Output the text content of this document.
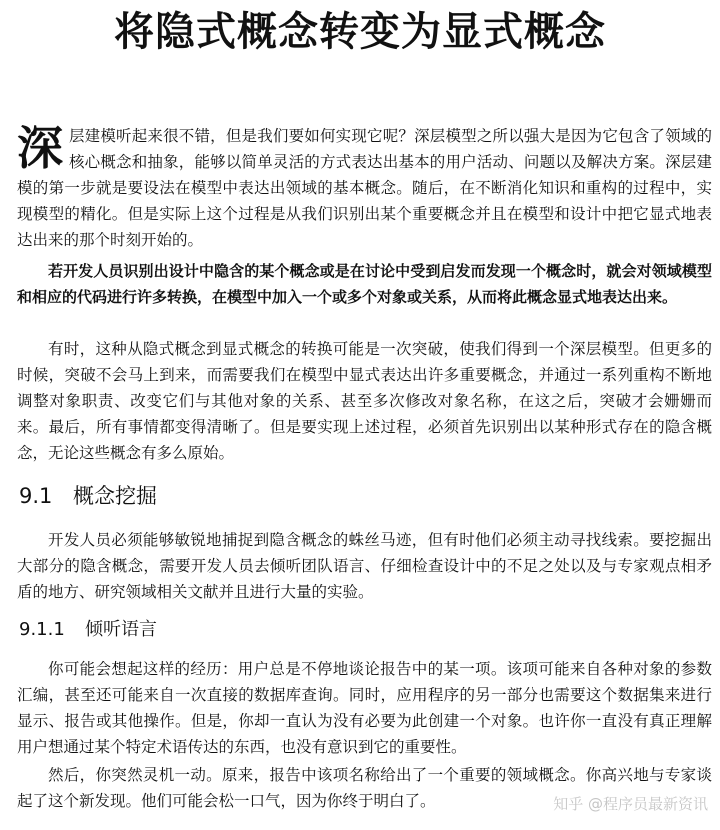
将隐式概念转变为显式概念

深层建模听起来很不错，但是我们要如何实现它呢？深层模型之所以强大是因为它包含了领域的核心概念和抽象，能够以简单灵活的方式表达出基本的用户活动、问题以及解决方案。深层建模的第一步就是要设法在模型中表达出领域的基本概念。随后，在不断消化知识和重构的过程中，实现模型的精化。但是实际上这个过程是从我们识别出某个重要概念并且在模型和设计中把它显式地表达出来的那个时刻开始的。

若开发人员识别出设计中隐含的某个概念或是在讨论中受到启发而发现一个概念时，就会对领域模型和相应的代码进行许多转换，在模型中加入一个或多个对象或关系，从而将此概念显式地表达出来。

有时，这种从隐式概念到显式概念的转换可能是一次突破，使我们得到一个深层模型。但更多的时候，突破不会马上到来，而需要我们在模型中显式表达出许多重要概念，并通过一系列重构不断地调整对象职责、改变它们与其他对象的关系、甚至多次修改对象名称，在这之后，突破才会姗姗而来。最后，所有事情都变得清晰了。但是要实现上述过程，必须首先识别出以某种形式存在的隐含概念，无论这些概念有多么原始。

9.1 概念挖掘

开发人员必须能够敏锐地捕捉到隐含概念的蛛丝马迹，但有时他们必须主动寻找线索。要挖掘出大部分的隐含概念，需要开发人员去倾听团队语言、仔细检查设计中的不足之处以及与专家观点相矛盾的地方、研究领域相关文献并且进行大量的实验。

9.1.1 倾听语言

你可能会想起这样的经历：用户总是不停地谈论报告中的某一项。该项可能来自各种对象的参数汇编，甚至还可能来自一次直接的数据库查询。同时，应用程序的另一部分也需要这个数据集来进行显示、报告或其他操作。但是，你却一直认为没有必要为此创建一个对象。也许你一直没有真正理解用户想通过某个特定术语传达的东西，也没有意识到它的重要性。

然后，你突然灵机一动。原来，报告中该项名称给出了一个重要的领域概念。你高兴地与专家谈起了这个新发现。他们可能会松一口气，因为你终于明白了。	知乎 @程序员最新资讯
